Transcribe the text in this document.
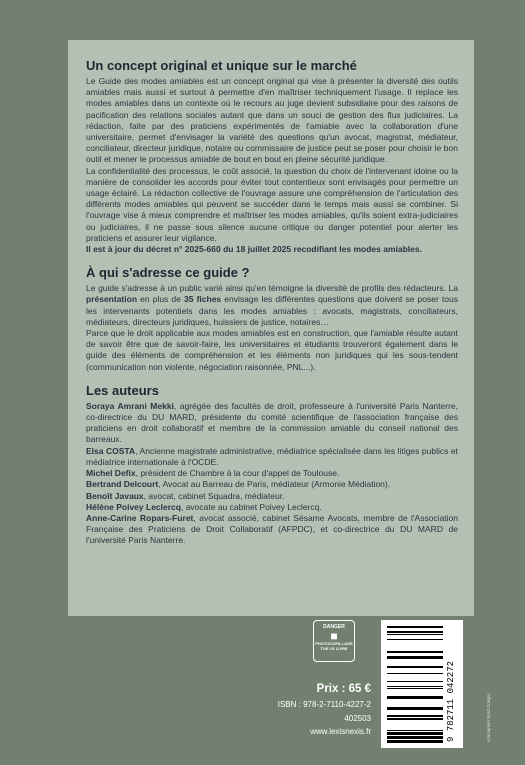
Un concept original et unique sur le marché

Le Guide des modes amiables est un concept original qui vise à présenter la diversité des outils amiables mais aussi et surtout à permettre d'en maîtriser techniquement l'usage. Il replace les modes amiables dans un contexte où le recours au juge devient subsidiaire pour des raisons de pacification des relations sociales autant que dans un souci de gestion des flux judiciaires. La rédaction, faite par des praticiens expérimentés de l'amiable avec la collaboration d'une universitaire, permet d'envisager la variété des questions qu'un avocat, magistrat, médiateur, conciliateur, directeur juridique, notaire ou commissaire de justice peut se poser pour choisir le bon outil et mener le processus amiable de bout en bout en pleine sécurité juridique.

La confidentialité des processus, le coût associé, la question du choix de l'intervenant idoine ou la manière de consolider les accords pour éviter tout contentieux sont envisagés pour permettre un usage éclairé. La rédaction collective de l'ouvrage assure une compréhension de l'articulation des différents modes amiables qui peuvent se succéder dans le temps mais aussi se combiner. Si l'ouvrage vise à mieux comprendre et maîtriser les modes amiables, qu'ils soient extra-judiciaires ou judiciaires, il ne passe sous silence aucune critique ou danger potentiel pour alerter les praticiens et assurer leur vigilance.

Il est à jour du décret n° 2025-660 du 18 juillet 2025 recodifiant les modes amiables.

À qui s'adresse ce guide ?

Le guide s'adresse à un public varié ainsi qu'en témoigne la diversité de profils des rédacteurs. La présentation en plus de 35 fiches envisage les différentes questions que doivent se poser tous les intervenants potentiels dans les modes amiables : avocats, magistrats, conciliateurs, médiateurs, directeurs juridiques, huissiers de justice, notaires…

Parce que le droit applicable aux modes amiables est en construction, que l'amiable résulte autant de savoir être que de savoir-faire, les universitaires et étudiants trouveront également dans le guide des éléments de compréhension et les éléments non juridiques qui les sous-tendent (communication non violente, négociation raisonnée, PNL...).

Les auteurs

Soraya Amrani Mekki, agrégée des facultés de droit, professeure à l'université Paris Nanterre, co-directrice du DU MARD, présidente du comité scientifique de l'association française des praticiens en droit collaboratif et membre de la commission amiable du conseil national des barreaux.

Elsa COSTA, Ancienne magistrate administrative, médiatrice spécialisée dans les litiges publics et médiatrice internationale à l'OCDE.

Michel Defix, président de Chambre à la cour d'appel de Toulouse.

Bertrand Delcourt, Avocat au Barreau de Paris, médiateur (Armonie Médiation).

Benoît Javaux, avocat, cabinet Squadra, médiateur.

Hélène Poivey Leclercq, avocate au cabinet Poivey Leclercq.

Anne-Carine Ropars-Furet, avocat associé, cabinet Sésame Avocats, membre de l'Association Française des Praticiens de Droit Collaboratif (AFPDC), et co-directrice du DU MARD de l'université Paris Nanterre.

DANGER
■
PHOTOCOPILLAGE TUE LE LIVRE
Prix : 65 €
ISBN : 978-2-7110-4227-2
402503
www.lexisnexis.fr	9 782711 042272	conception Nord Compo
